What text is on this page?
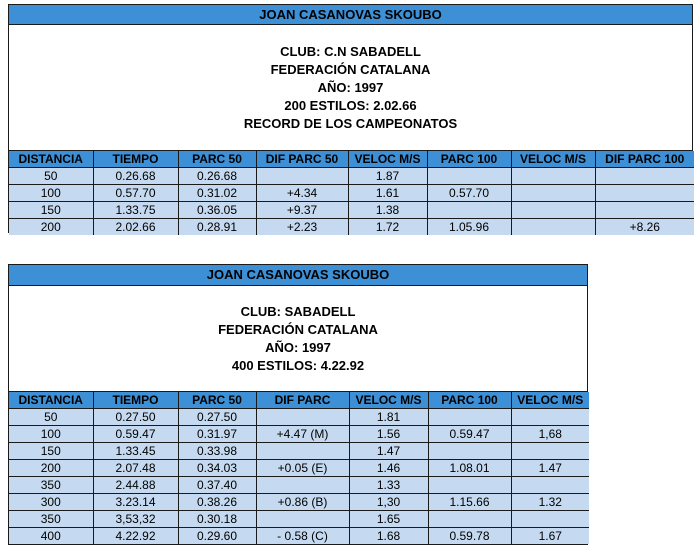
JOAN CASANOVAS SKOUBO
CLUB: C.N SABADELL
FEDERACIÓN CATALANA
AÑO: 1997
200 ESTILOS: 2.02.66
RECORD DE LOS CAMPEONATOS
DISTANCIA	TIEMPO	PARC 50	DIF PARC 50	VELOC M/S	PARC 100	VELOC M/S	DIF PARC 100
50	0.26.68	0.26.68		1.87			
100	0.57.70	0.31.02	+4.34	1.61	0.57.70		
150	1.33.75	0.36.05	+9.37	1.38			
200	2.02.66	0.28.91	+2.23	1.72	1.05.96		+8.26
JOAN CASANOVAS SKOUBO
CLUB: SABADELL
FEDERACIÓN CATALANA
AÑO: 1997
400 ESTILOS: 4.22.92
DISTANCIA	TIEMPO	PARC 50	DIF PARC	VELOC M/S	PARC 100	VELOC M/S
50	0.27.50	0.27.50		1.81		
100	0.59.47	0.31.97	+4.47 (M)	1.56	0.59.47	1,68
150	1.33.45	0.33.98		1.47		
200	2.07.48	0.34.03	+0.05 (E)	1.46	1.08.01	1.47
350	2.44.88	0.37.40		1.33		
300	3.23.14	0.38.26	+0.86 (B)	1,30	1.15.66	1.32
350	3,53,32	0.30.18		1.65		
400	4.22.92	0.29.60	- 0.58 (C)	1.68	0.59.78	1.67
